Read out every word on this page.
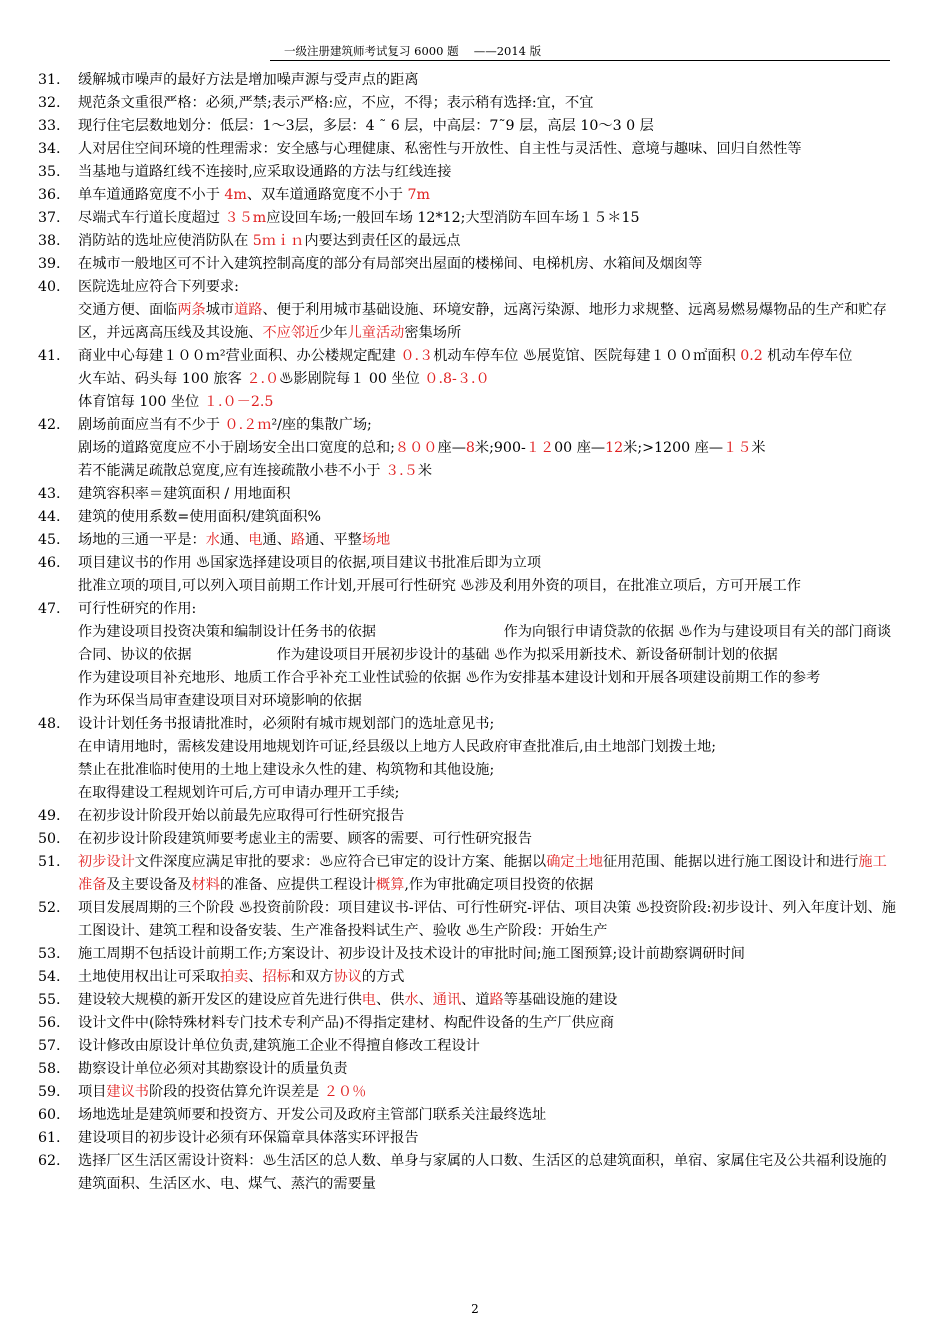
一级注册建筑师考试复习 6000 题　 ——2014 版
31.	缓解城市噪声的最好方法是增加噪声源与受声点的距离
32.	规范条文重很严格：必须,严禁;表示严格:应，不应，不得；表示稍有选择:宜，不宜
33.	现行住宅层数地划分：低层：1～3层，多层：4 ˜ 6 层，中高层：7˜9 层，高层 10～3 0 层
34.	人对居住空间环境的性理需求：安全感与心理健康、私密性与开放性、自主性与灵活性、意境与趣味、回归自然性等
35.	当基地与道路红线不连接时,应采取设通路的方法与红线连接
36.	单车道通路宽度不小于 4m、双车道通路宽度不小于 7m
37.	尽端式车行道长度超过 ３５m应设回车场;一般回车场 12*12;大型消防车回车场１５＊15
38.	消防站的选址应使消防队在 5ｍｉｎ内要达到责任区的最远点
39.	在城市一般地区可不计入建筑控制高度的部分有局部突出屋面的楼梯间、电梯机房、水箱间及烟囱等
40.	医院选址应符合下列要求:
交通方便、面临两条城市道路、便于利用城市基础设施、环境安静，远离污染源、地形力求规整、远离易燃易爆物品的生产和贮存区，并远离高压线及其设施、不应邻近少年儿童活动密集场所
41.	商业中心每建１００ｍ²营业面积、办公楼规定配建 ０.３机动车停车位 ♨展览馆、医院每建１００㎡面积 0.2 机动车停车位　　　　　　火车站、码头每 100 旅客 ２.０♨影剧院每１ 00 坐位 ０.8-３.０
体育馆每 100 坐位 １.０－2.5
42.	剧场前面应当有不少于 ０.２ｍ²/座的集散广场;
剧场的道路宽度应不小于剧场安全出口宽度的总和;８００座—8米;900-１２00 座—12米;>1200 座—１５米
若不能满足疏散总宽度,应有连接疏散小巷不小于 ３.５米
43.	建筑容积率＝建筑面积 / 用地面积
44.	建筑的使用系数=使用面积/建筑面积%
45.	场地的三通一平是：水通、电通、路通、平整场地
46.	项目建议书的作用 ♨国家选择建设项目的依据,项目建议书批准后即为立项
批准立项的项目,可以列入项目前期工作计划,开展可行性研究 ♨涉及利用外资的项目，在批准立项后，方可开展工作
47.	可行性研究的作用:
作为建设项目投资决策和编制设计任务书的依据　　　　　　　　　作为向银行申请贷款的依据 ♨作为与建设项目有关的部门商谈合同、协议的依据　　　　　　作为建设项目开展初步设计的基础 ♨作为拟采用新技术、新设备研制计划的依据
作为建设项目补充地形、地质工作合乎补充工业性试验的依据 ♨作为安排基本建设计划和开展各项建设前期工作的参考　　　　　作为环保当局审查建设项目对环境影响的依据
48.	设计计划任务书报请批准时，必须附有城市规划部门的选址意见书;
在申请用地时，需核发建设用地规划许可证,经县级以上地方人民政府审查批准后,由土地部门划拨土地;
禁止在批准临时使用的土地上建设永久性的建、构筑物和其他设施;
在取得建设工程规划许可后,方可申请办理开工手续;
49.	在初步设计阶段开始以前最先应取得可行性研究报告
50.	在初步设计阶段建筑师要考虑业主的需要、顾客的需要、可行性研究报告
51.	初步设计文件深度应满足审批的要求：♨应符合已审定的设计方案、能据以确定土地征用范围、能据以进行施工图设计和进行施工准备及主要设备及材料的准备、应提供工程设计概算,作为审批确定项目投资的依据
52.	项目发展周期的三个阶段 ♨投资前阶段：项目建议书-评估、可行性研究-评估、项目决策 ♨投资阶段:初步设计、列入年度计划、施工图设计、建筑工程和设备安装、生产准备投料试生产、验收 ♨生产阶段：开始生产
53.	施工周期不包括设计前期工作;方案设计、初步设计及技术设计的审批时间;施工图预算;设计前勘察调研时间
54.	土地使用权出让可采取拍卖、招标和双方协议的方式
55.	建设较大规模的新开发区的建设应首先进行供电、供水、通讯、道路等基础设施的建设
56.	设计文件中(除特殊材料专门技术专利产品)不得指定建材、构配件设备的生产厂供应商
57.	设计修改由原设计单位负责,建筑施工企业不得擅自修改工程设计
58.	勘察设计单位必须对其勘察设计的质量负责
59.	项目建议书阶段的投资估算允许误差是 ２０％
60.	场地选址是建筑师要和投资方、开发公司及政府主管部门联系关注最终选址
61.	建设项目的初步设计必须有环保篇章具体落实环评报告
62.	选择厂区生活区需设计资料：♨生活区的总人数、单身与家属的人口数、生活区的总建筑面积，单宿、家属住宅及公共福利设施的建筑面积、生活区水、电、煤气、蒸汽的需要量
2
